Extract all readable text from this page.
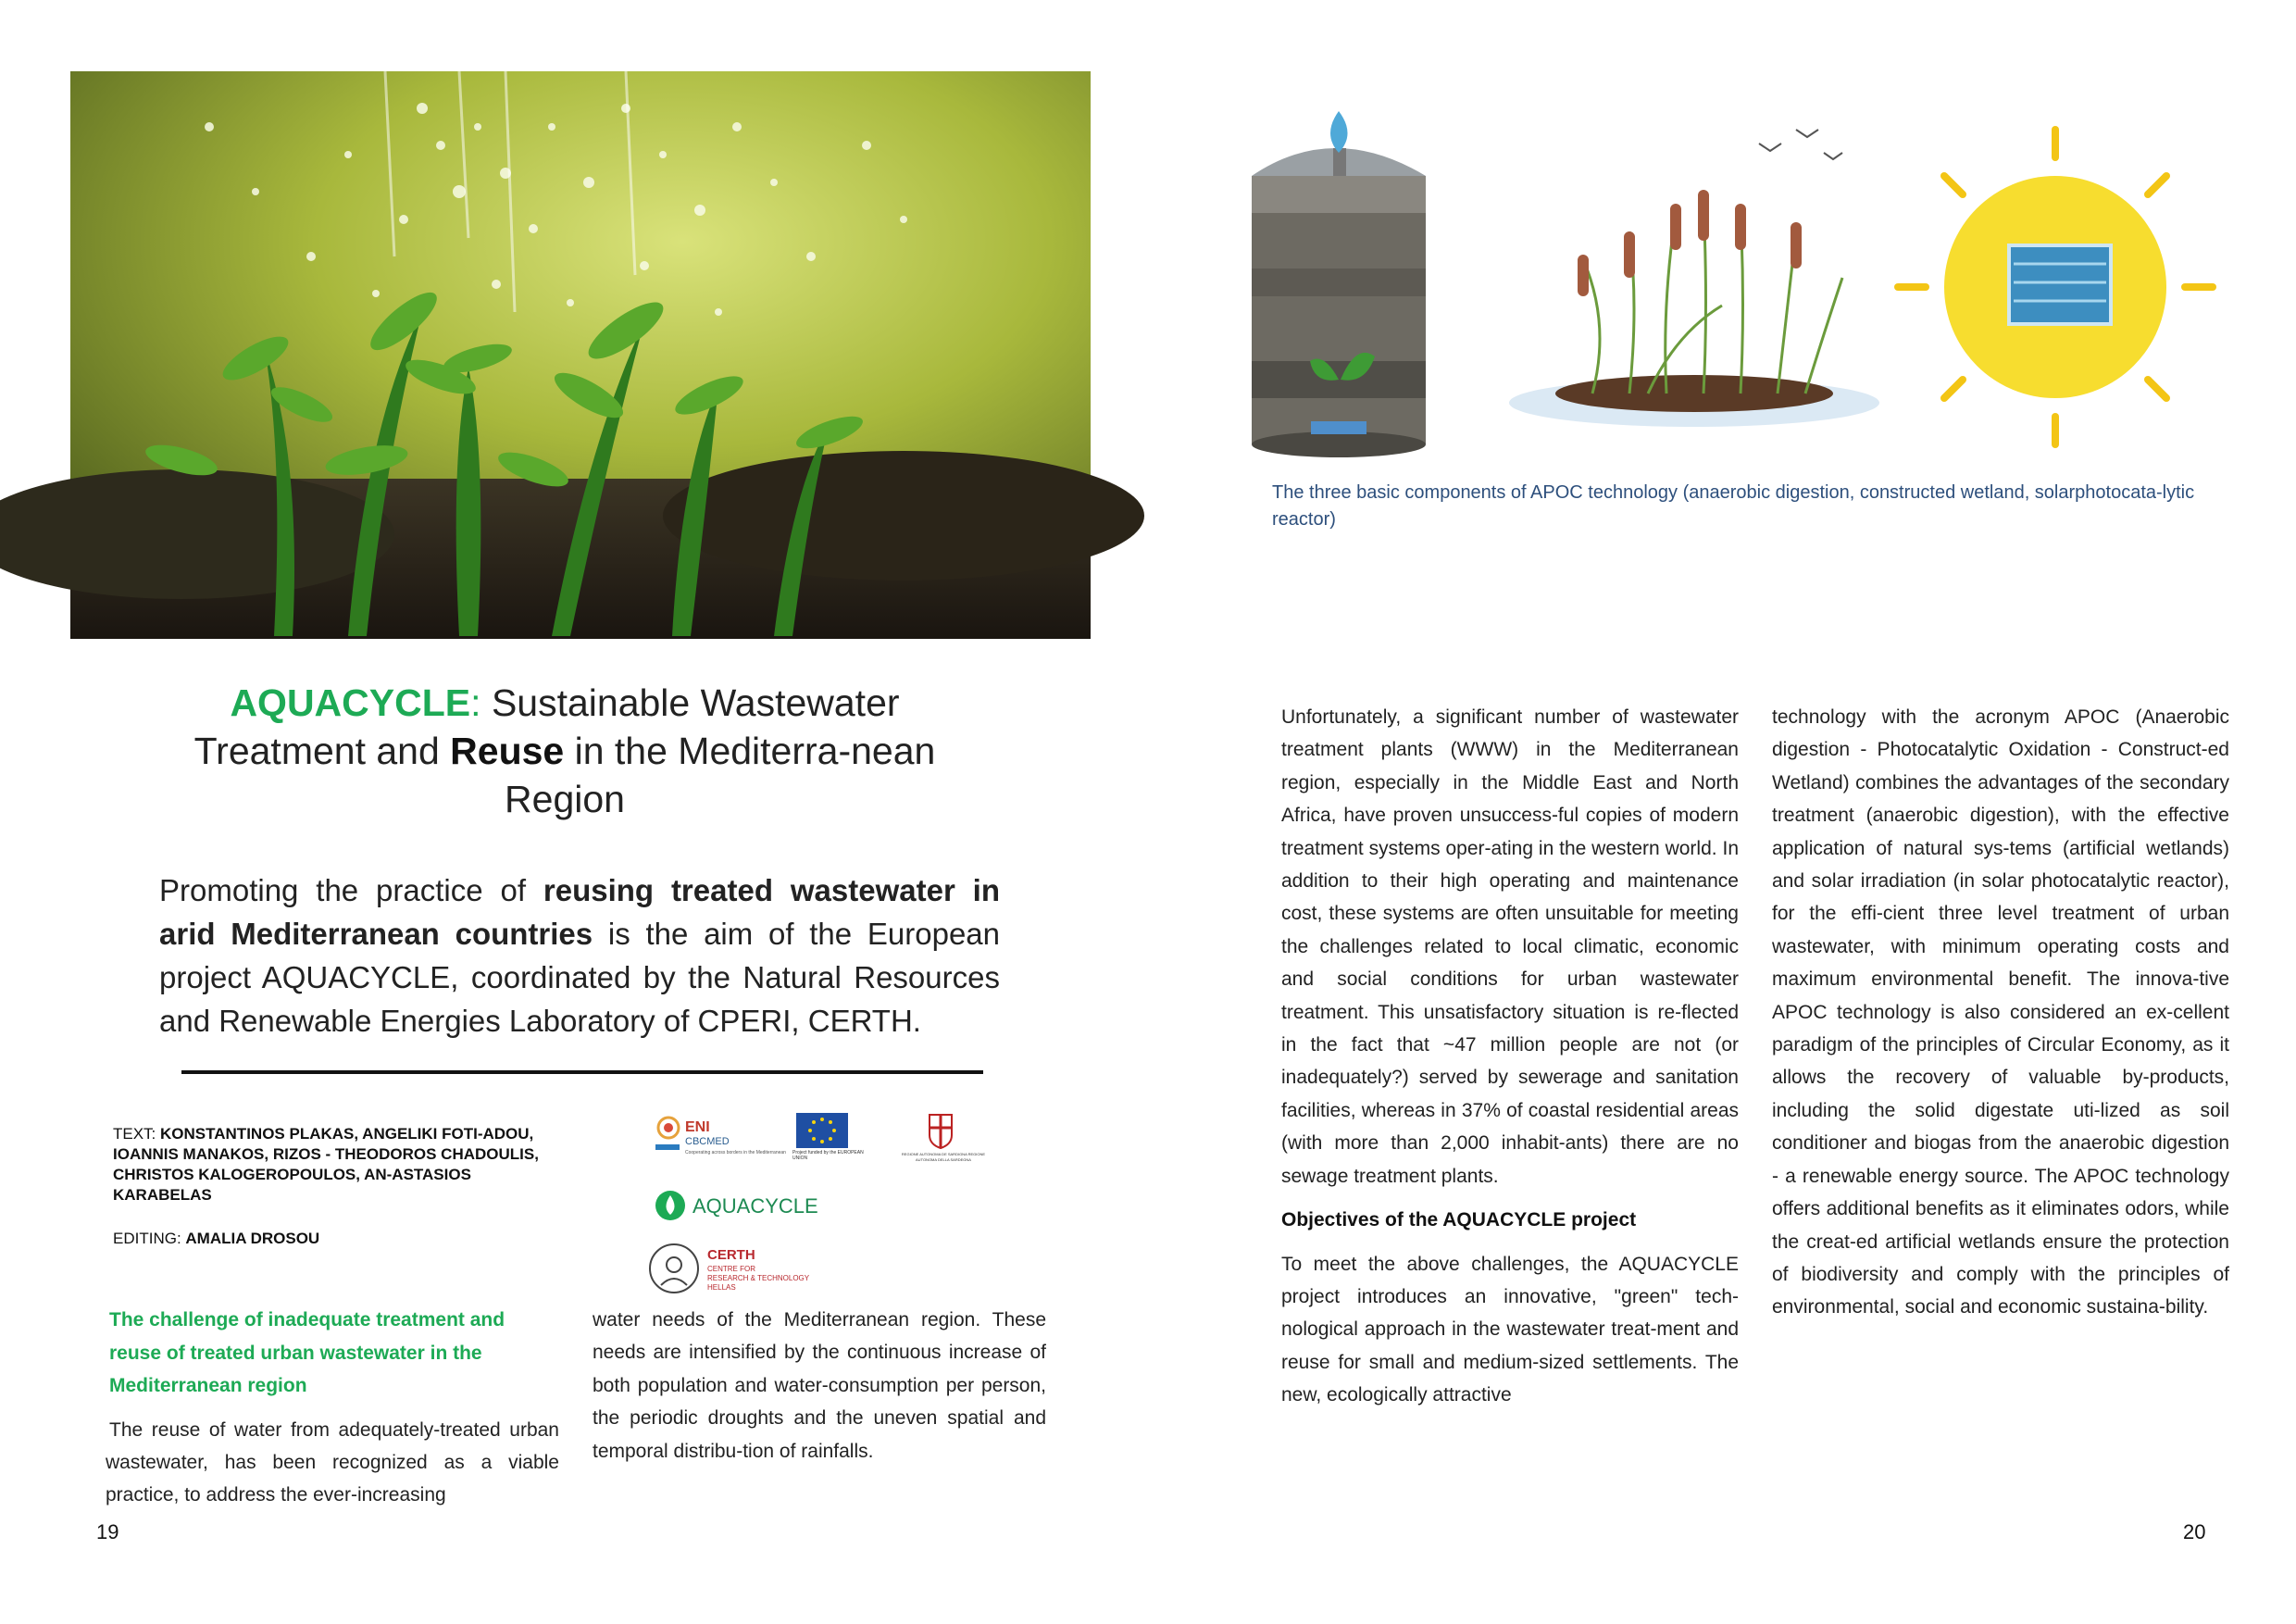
The three basic components of APOC technology (anaerobic digestion, constructed wetland, solarphotocata-lytic reactor)
AQUACYCLE: Sustainable Wastewater Treatment and Reuse in the Mediterra-nean Region
Promoting the practice of reusing treated wastewater in arid Mediterranean countries is the aim of the European project AQUACYCLE, coordinated by the Natural Resources and Renewable Energies Laboratory of CPERI, CERTH.
TEXT: KONSTANTINOS PLAKAS, ANGELIKI FOTI-ADOU, IOANNIS MANAKOS, RIZOS - THEODOROS CHADOULIS, CHRISTOS KALOGEROPOULOS, AN-ASTASIOS KARABELAS
EDITING: AMALIA DROSOU
ENI
CBCMED
Cooperating across borders in the Mediterranean Project funded by the EUROPEAN UNION
REGIONE AUTONOMA DE SARDIGNA REGIONE AUTONOMA DELLA SARDEGNA
AQUACYCLE
CERTH
CENTRE FOR
RESEARCH & TECHNOLOGY
HELLAS

The challenge of inadequate treatment and reuse of treated urban wastewater in the Mediterranean region

The reuse of water from adequately-treated urban wastewater, has been recognized as a viable practice, to address the ever-increasing

water needs of the Mediterranean region. These needs are intensified by the continuous increase of both population and water-consumption per person, the periodic droughts and the uneven spatial and temporal distribu-tion of rainfalls.

Unfortunately, a significant number of wastewater treatment plants (WWW) in the Mediterranean region, especially in the Middle East and North Africa, have proven unsuccess-ful copies of modern treatment systems oper-ating in the western world. In addition to their high operating and maintenance cost, these systems are often unsuitable for meeting the challenges related to local climatic, economic and social conditions for urban wastewater treatment. This unsatisfactory situation is re-flected in the fact that ~47 million people are not (or inadequately?) served by sewerage and sanitation facilities, whereas in 37% of coastal residential areas (with more than 2,000 inhabit-ants) there are no sewage treatment plants.

Objectives of the AQUACYCLE project

To meet the above challenges, the AQUACYCLE project introduces an innovative, "green" tech-nological approach in the wastewater treat-ment and reuse for small and medium-sized settlements. The new, ecologically attractive

technology with the acronym APOC (Anaerobic digestion - Photocatalytic Oxidation - Construct-ed Wetland) combines the advantages of the secondary treatment (anaerobic digestion), with the effective application of natural sys-tems (artificial wetlands) and solar irradiation (in solar photocatalytic reactor), for the effi-cient three level treatment of urban wastewater, with minimum operating costs and maximum environmental benefit. The innova-tive APOC technology is also considered an ex-cellent paradigm of the principles of Circular Economy, as it allows the recovery of valuable by-products, including the solid digestate uti-lized as soil conditioner and biogas from the anaerobic digestion - a renewable energy source. The APOC technology offers additional benefits as it eliminates odors, while the creat-ed artificial wetlands ensure the protection of biodiversity and comply with the principles of environmental, social and economic sustaina-bility.

19	20
